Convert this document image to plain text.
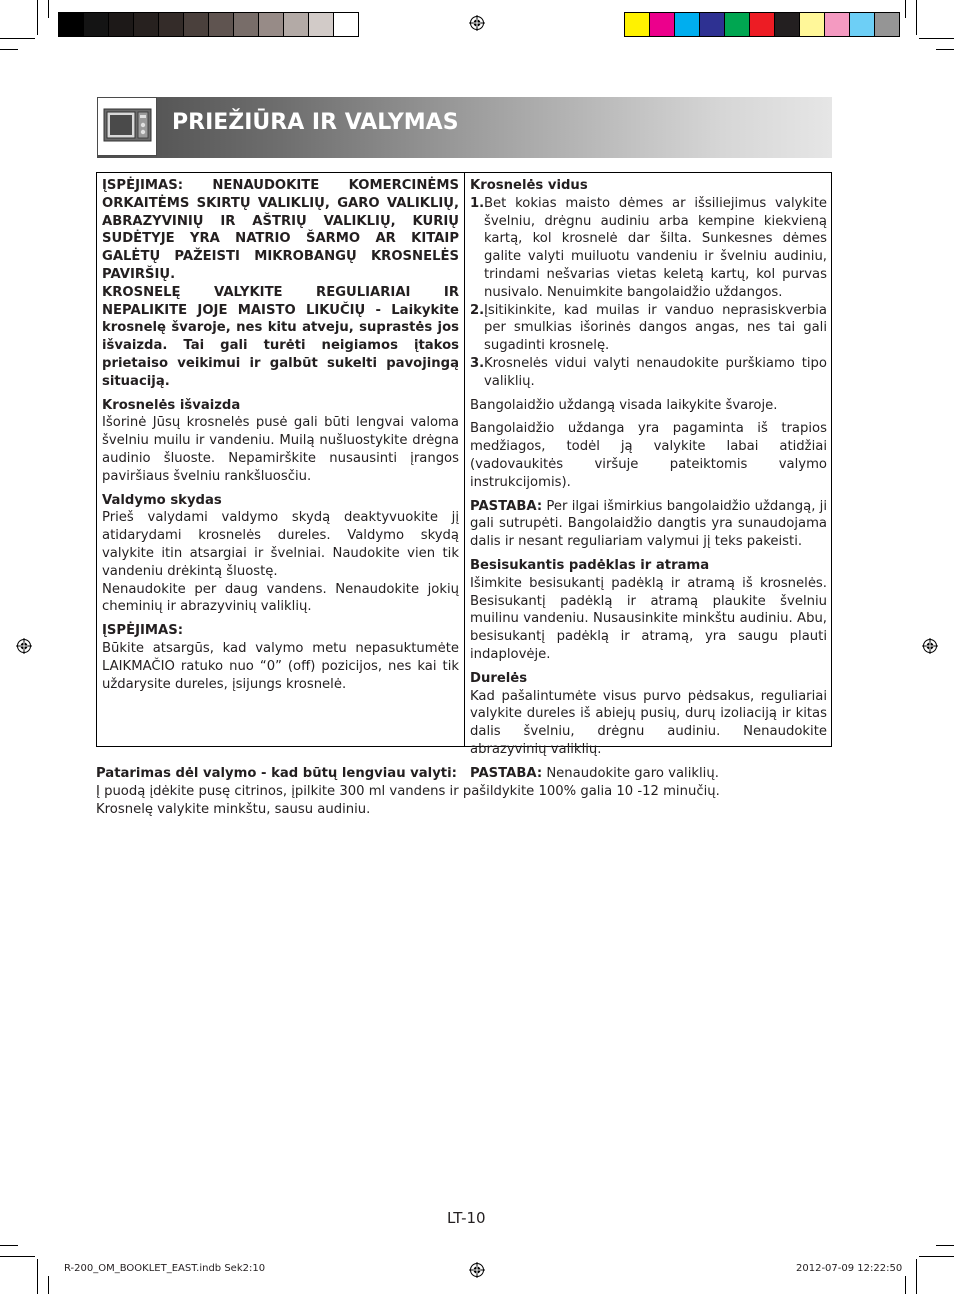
PRIEŽIŪRA IR VALYMAS

ĮSPĖJIMAS: NENAUDOKITE KOMERCINĖMS ORKAITĖMS SKIRTŲ VALIKLIŲ, GARO VALIKLIŲ, ABRAZYVINIŲ IR AŠTRIŲ VALIKLIŲ, KURIŲ SUDĖTYJE YRA NATRIO ŠARMO AR KITAIP GALĖTŲ PAŽEISTI MIKROBANGŲ KROSNELĖS PAVIRŠIŲ.

KROSNELĘ VALYKITE REGULIARIAI IR NEPALIKITE JOJE MAISTO LIKUČIŲ - Laikykite krosnelę švaroje, nes kitu atveju, suprastės jos išvaizda. Tai gali turėti neigiamos įtakos prietaiso veikimui ir galbūt sukelti pavojingą situaciją.

Krosnelės išvaizda

Išorinė Jūsų krosnelės pusė gali būti lengvai valoma švelniu muilu ir vandeniu. Muilą nušluostykite drėgna audinio šluoste. Nepamirškite nusausinti įrangos paviršiaus švelniu rankšluosčiu.

Valdymo skydas

Prieš valydami valdymo skydą deaktyvuokite jį atidarydami krosnelės dureles. Valdymo skydą valykite itin atsargiai ir švelniai. Naudokite vien tik vandeniu drėkintą šluostę.

Nenaudokite per daug vandens. Nenaudokite jokių cheminių ir abrazyvinių valiklių.

ĮSPĖJIMAS:

Būkite atsargūs, kad valymo metu nepasuktumėte LAIKMAČIO ratuko nuo “0” (off) pozicijos, nes kai tik uždarysite dureles, įsijungs krosnelė.

Krosnelės vidus

1. Bet kokias maisto dėmes ar išsiliejimus valykite švelniu, drėgnu audiniu arba kempine kiekvieną kartą, kol krosnelė dar šilta. Sunkesnes dėmes galite valyti muiluotu vandeniu ir švelniu audiniu, trindami nešvarias vietas keletą kartų, kol purvas nusivalo. Nenuimkite bangolaidžio uždangos.
2. Įsitikinkite, kad muilas ir vanduo neprasiskverbia per smulkias išorinės dangos angas, nes tai gali sugadinti krosnelę.
3. Krosnelės vidui valyti nenaudokite purškiamo tipo valiklių.

Bangolaidžio uždangą visada laikykite švaroje.

Bangolaidžio uždanga yra pagaminta iš trapios medžiagos, todėl ją valykite labai atidžiai (vadovaukitės viršuje pateiktomis valymo instrukcijomis).

PASTABA: Per ilgai išmirkius bangolaidžio uždangą, ji gali sutrupėti. Bangolaidžio dangtis yra sunaudojama dalis ir nesant reguliariam valymui jį teks pakeisti.

Besisukantis padėklas ir atrama

Išimkite besisukantį padėklą ir atramą iš krosnelės. Besisukantį padėklą ir atramą plaukite švelniu muilinu vandeniu. Nusausinkite minkštu audiniu. Abu, besisukantį padėklą ir atramą, yra saugu plauti indaplovėje.

Durelės

Kad pašalintumėte visus purvo pėdsakus, reguliariai valykite dureles iš abiejų pusių, durų izoliaciją ir kitas dalis švelniu, drėgnu audiniu. Nenaudokite abrazyvinių valiklių.

PASTABA: Nenaudokite garo valiklių.

Patarimas dėl valymo - kad būtų lengviau valyti:
Į puodą įdėkite pusę citrinos, įpilkite 300 ml vandens ir pašildykite 100% galia 10 -12 minučių.
Krosnelę valykite minkštu, sausu audiniu.
LT-10
R-200_OM_BOOKLET_EAST.indb Sek2:10	2012-07-09 12:22:50
